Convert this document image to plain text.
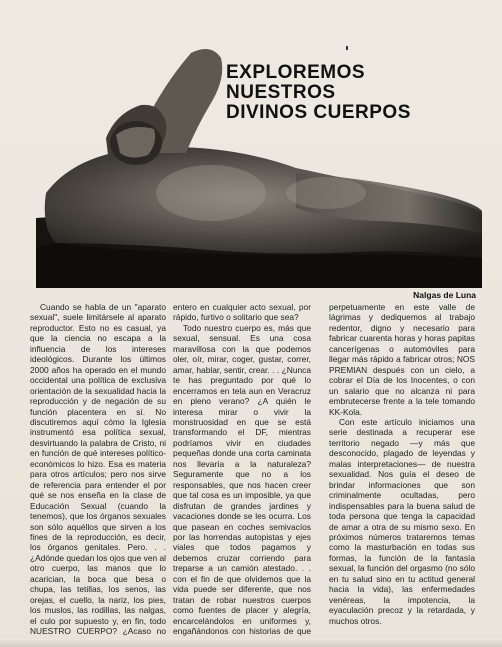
EXPLOREMOS
NUESTROS
DIVINOS CUERPOS
Nalgas de Luna

Cuando se habla de un "aparato sexual", suele limitársele al aparato reproductor. Esto no es casual, ya que la ciencia no escapa a la influencia de los intereses ideológicos. Durante los últimos 2000 años ha operado en el mundo occidental una política de exclusiva orientación de la sexualidad hacia la reproducción y de negación de su función placentera en sí. No discutiremos aquí cómo la Iglesia instrumentó esa política sexual, desvirtuando la palabra de Cristo, ni en función de qué intereses político-económicos lo hizo. Esa es materia para otros artículos; pero nos sirve de referencia para entender el por qué se nos enseña en la clase de Educación Sexual (cuando la tenemos), que los órganos sexuales son sólo aquéllos que sirven a los fines de la reproducción, es decir, los órganos genitales. Pero. . . ¿Adónde quedan los ojos que ven al otro cuerpo, las manos que lo acarician, la boca que besa o chupa, las tetillas, los senos, las orejas, el cuello, la nariz, los pies, los muslos, las rodillas, las nalgas, el culo por supuesto y, en fin, todo NUESTRO CUERPO? ¿Acaso no

entero en cualquier acto sexual, por rápido, furtivo o solitario que sea?

Todo nuestro cuerpo es, más que sexual, sensual. Es una cosa maravillosa con la que podemos oler, oír, mirar, coger, gustar, correr, amar, hablar, sentir, crear. . . ¿Nunca te has preguntado por qué lo encerramos en tela aun en Veracruz en pleno verano? ¿A quién le interesa mirar o vivir la monstruosidad en que se está transformando el DF, mientras podríamos vivir en ciudades pequeñas donde una corta caminata nos llevaría a la naturaleza? Seguramente que no a los responsables, que nos hacen creer que tal cosa es un imposible, ya que disfrutan de grandes jardines y vacaciones donde se les ocurra. Los que pasean en coches semivacíos por las horrendas autopistas y ejes viales que todos pagamos y debemos cruzar corriendo para treparse a un camión atestado. . . con el fin de que olvidemos que la vida puede ser diferente, que nos tratan de robar nuestros cuerpos como fuentes de placer y alegría, encarcelándolos en uniformes y, engañándonos con historias de que

perpetuamente en este valle de lágrimas y dediquemos al trabajo redentor, digno y necesario para fabricar cuarenta horas y horas papitas cancerígenas o automóviles para llegar más rápido a fabricar otros; NOS PREMIAN después con un cielo, a cobrar el Día de los Inocentes, o con un salario que no alcanza ni para embrutecerse frente a la tele tomando KK-Kola.

Con este artículo iniciamos una serie destinada a recuperar ese territorio negado —y más que desconocido, plagado de leyendas y malas interpretaciones— de nuestra sexualidad. Nos guía el deseo de brindar informaciones que son criminalmente ocultadas, pero indispensables para la buena salud de toda persona que tenga la capacidad de amar a otra de su mismo sexo. En próximos números trataremos temas como la masturbación en todas sus formas, la función de la fantasía sexual, la función del orgasmo (no sólo en tu salud sino en tu actitud general hacia la vida), las enfermedades venéreas, la impotencia, la eyaculación precoz y la retardada, y muchos otros.
